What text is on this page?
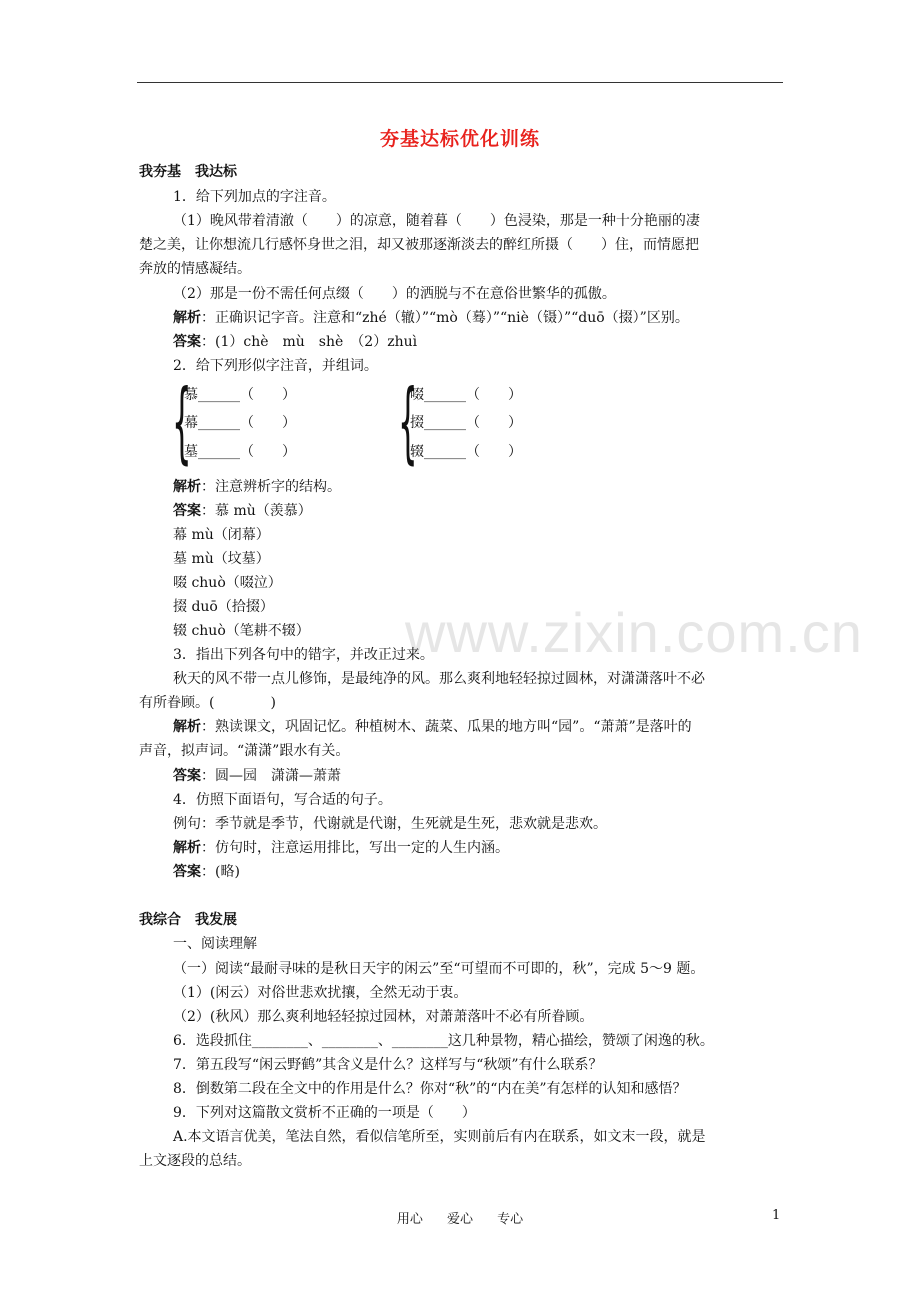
夯基达标优化训练
www.zixin.com.cn
我夯基　我达标
1．给下列加点的字注音。
（1）晚风带着清澈（　　）的凉意，随着暮（　　）色浸染，那是一种十分艳丽的凄
楚之美，让你想流几行感怀身世之泪，却又被那逐渐淡去的醉红所摄（　　）住，而情愿把
奔放的情感凝结。
（2）那是一份不需任何点缀（　　）的洒脱与不在意俗世繁华的孤傲。
解析：正确识记字音。注意和“zhé（辙）”“mò（蓦）”“niè（镊）”“duō（掇）”区别。
答案：(1）chè　mù　shè　（2）zhuì
2．给下列形似字注音，并组词。
{
慕______（　　）
幕______（　　）
墓______（　　） {
啜______（　　）
掇______（　　）
辍______（　　）
解析：注意辨析字的结构。
答案：慕 mù（羡慕）
幕 mù（闭幕）
墓 mù（坟墓）
啜 chuò（啜泣）
掇 duō（拾掇）
辍 chuò（笔耕不辍）
3．指出下列各句中的错字，并改正过来。
秋天的风不带一点儿修饰，是最纯净的风。那么爽利地轻轻掠过圆林，对潇潇落叶不必
有所眷顾。(　　　　)
解析：熟读课文，巩固记忆。种植树木、蔬菜、瓜果的地方叫“园”。“萧萧”是落叶的
声音，拟声词。“潇潇”跟水有关。
答案：圆—园　潇潇—萧萧
4．仿照下面语句，写合适的句子。
例句：季节就是季节，代谢就是代谢，生死就是生死，悲欢就是悲欢。
解析：仿句时，注意运用排比，写出一定的人生内涵。
答案：(略)
我综合　我发展
一、阅读理解
（一）阅读“最耐寻味的是秋日天宇的闲云”至“可望而不可即的，秋”，完成 5～9 题。
（1）(闲云）对俗世悲欢扰攘，全然无动于衷。
（2）(秋风）那么爽利地轻轻掠过园林，对萧萧落叶不必有所眷顾。
6．选段抓住________、________、________这几种景物，精心描绘，赞颂了闲逸的秋。
7．第五段写“闲云野鹤”其含义是什么？这样写与“秋颂”有什么联系？
8．倒数第二段在全文中的作用是什么？你对“秋”的“内在美”有怎样的认知和感悟？
9．下列对这篇散文赏析不正确的一项是（　　）
A.本文语言优美，笔法自然，看似信笔所至，实则前后有内在联系，如文末一段，就是
上文逐段的总结。
用心 爱心 专心	1
